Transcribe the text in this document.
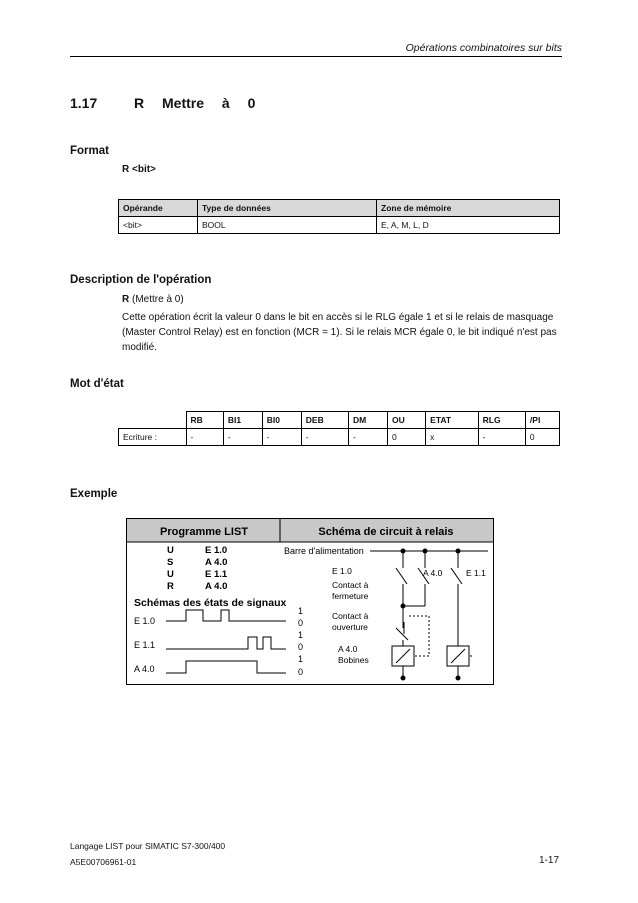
Opérations combinatoires sur bits
1.17	R Mettre à 0
Format
R <bit>
Opérande	Type de données	Zone de mémoire
<bit>	BOOL	E, A, M, L, D
Description de l'opération
R (Mettre à 0)
Cette opération écrit la valeur 0 dans le bit en accès si le RLG égale 1 et si le relais de masquage (Master Control Relay) est en fonction (MCR = 1). Si le relais MCR égale 0, le bit indiqué n'est pas modifié.
Mot d'état
	RB	BI1	BI0	DEB	DM	OU	ETAT	RLG	/PI
Ecriture :	-	-	-	-	-	0	x	-	0
Exemple
Programme LIST	Schéma de circuit à relais
U	E 1.0
S	A 4.0
U	E 1.1
R	A 4.0
Schémas des états de signaux
E 1.0
E 1.1
A 4.0
1
0
1
0
1
0
Barre d'alimentation
E 1.0	A 4.0	E 1.1
Contact à
fermeture
Contact à
ouverture
A 4.0
Bobines
Langage LIST pour SIMATIC S7-300/400
A5E00706961-01	1-17
